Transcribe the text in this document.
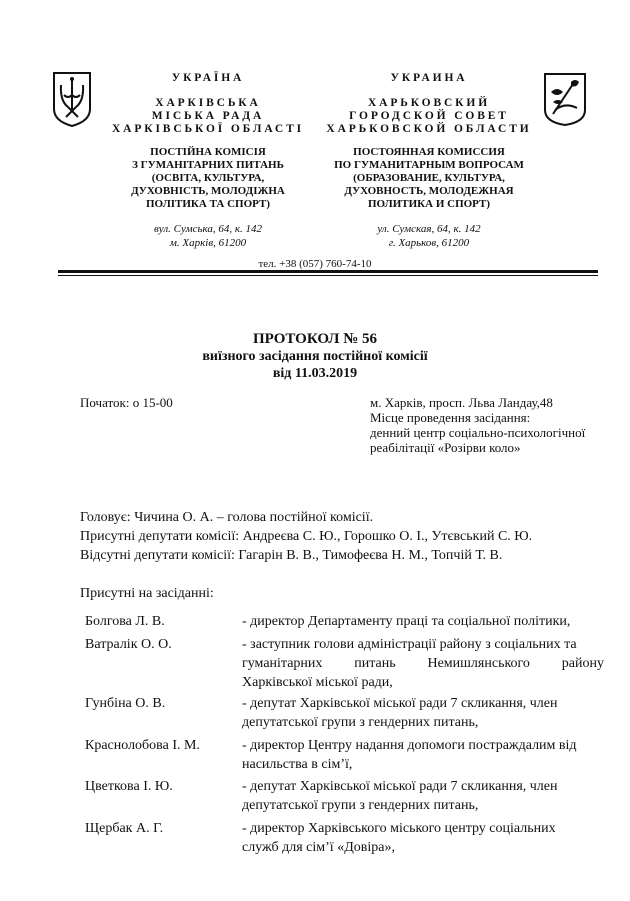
УКРАЇНА
ХАРКІВСЬКА
МІСЬКА РАДА
ХАРКІВСЬКОЇ ОБЛАСТІ
ПОСТІЙНА КОМІСІЯ
З ГУМАНІТАРНИХ ПИТАНЬ
(ОСВІТА, КУЛЬТУРА,
ДУХОВНІСТЬ, МОЛОДІЖНА
ПОЛІТИКА ТА СПОРТ)
вул. Сумська, 64, к. 142
м. Харків, 61200
УКРАИНА
ХАРЬКОВСКИЙ
ГОРОДСКОЙ СОВЕТ
ХАРЬКОВСКОЙ ОБЛАСТИ
ПОСТОЯННАЯ КОМИССИЯ
ПО ГУМАНИТАРНЫМ ВОПРОСАМ
(ОБРАЗОВАНИЕ, КУЛЬТУРА,
ДУХОВНОСТЬ, МОЛОДЕЖНАЯ
ПОЛИТИКА И СПОРТ)
ул. Сумская, 64, к. 142
г. Харьков, 61200
тел. +38 (057) 760-74-10
ПРОТОКОЛ № 56
виїзного засідання постійної комісії
від 11.03.2019
Початок: о 15-00	м. Харків, просп. Льва Ландау,48
Місце проведення засідання:
денний центр соціально-психологічної
реабілітації «Розірви коло»
Головує: Чичина О. А. – голова постійної комісії.
Присутні депутати комісії: Андреєва С. Ю., Горошко О. І., Утєвський С. Ю.
Відсутні депутати комісії: Гагарін В. В., Тимофеєва Н. М., Топчій Т. В.
Присутні на засіданні:
Болгова Л. В.	- директор Департаменту праці та соціальної політики,
Ватралік О. О.	- заступник голови адміністрації району з соціальних та
гуманітарних питань Немишлянського району
Харківської міської ради,
Гунбіна О. В.	- депутат Харківської міської ради 7 скликання, член
депутатської групи з гендерних питань,
Краснолобова І. М.	- директор Центру надання допомоги постраждалим від
насильства в сім’ї,
Цветкова І. Ю.	- депутат Харківської міської ради 7 скликання, член
депутатської групи з гендерних питань,
Щербак А. Г.	- директор Харківського міського центру соціальних
служб для сім’ї «Довіра»,
